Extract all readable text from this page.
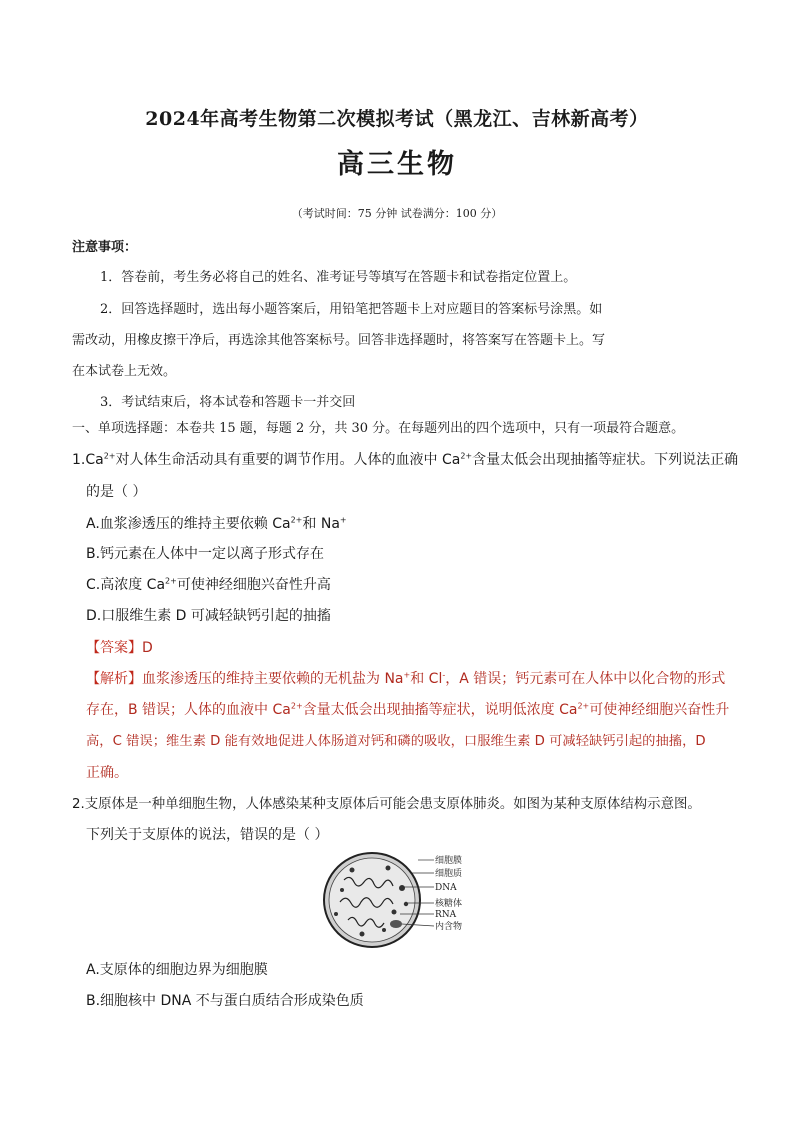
2024年高考生物第二次模拟考试（黑龙江、吉林新高考）
高三生物
（考试时间：75 分钟 试卷满分：100 分）
注意事项：
1．答卷前，考生务必将自己的姓名、准考证号等填写在答题卡和试卷指定位置上。
2．回答选择题时，选出每小题答案后，用铅笔把答题卡上对应题目的答案标号涂黑。如
需改动，用橡皮擦干净后，再选涂其他答案标号。回答非选择题时，将答案写在答题卡上。写
在本试卷上无效。
3．考试结束后，将本试卷和答题卡一并交回
一、单项选择题：本卷共 15 题，每题 2 分，共 30 分。在每题列出的四个选项中，只有一项最符合题意。
$1.Ca^{2+}$对人体生命活动具有重要的调节作用。人体的血液中 $Ca^{2+}$含量太低会出现抽搐等症状。下列说法正确
的是（ ）
A.血浆渗透压的维持主要依赖 $Ca^{2+}$和 Na+
B.钙元素在人体中一定以离子形式存在
C.高浓度 $Ca^{2+}$可使神经细胞兴奋性升高
D.口服维生素 D 可减轻缺钙引起的抽搐
【答案】D
【解析】血浆渗透压的维持主要依赖的无机盐为 Na+和 Cl-，A 错误；钙元素可在人体中以化合物的形式
存在，B 错误；人体的血液中 $Ca^{2+}$含量太低会出现抽搐等症状，说明低浓度 $Ca^{2+}$可使神经细胞兴奋性升
高，C 错误；维生素 D 能有效地促进人体肠道对钙和磷的吸收，口服维生素 D 可减轻缺钙引起的抽搐，D
正确。
2.支原体是一种单细胞生物，人体感染某种支原体后可能会患支原体肺炎。如图为某种支原体结构示意图。
下列关于支原体的说法，错误的是（ ）
细胞膜
细胞质
DNA
核糖体
RNA
内含物
A.支原体的细胞边界为细胞膜
B.细胞核中 DNA 不与蛋白质结合形成染色质
